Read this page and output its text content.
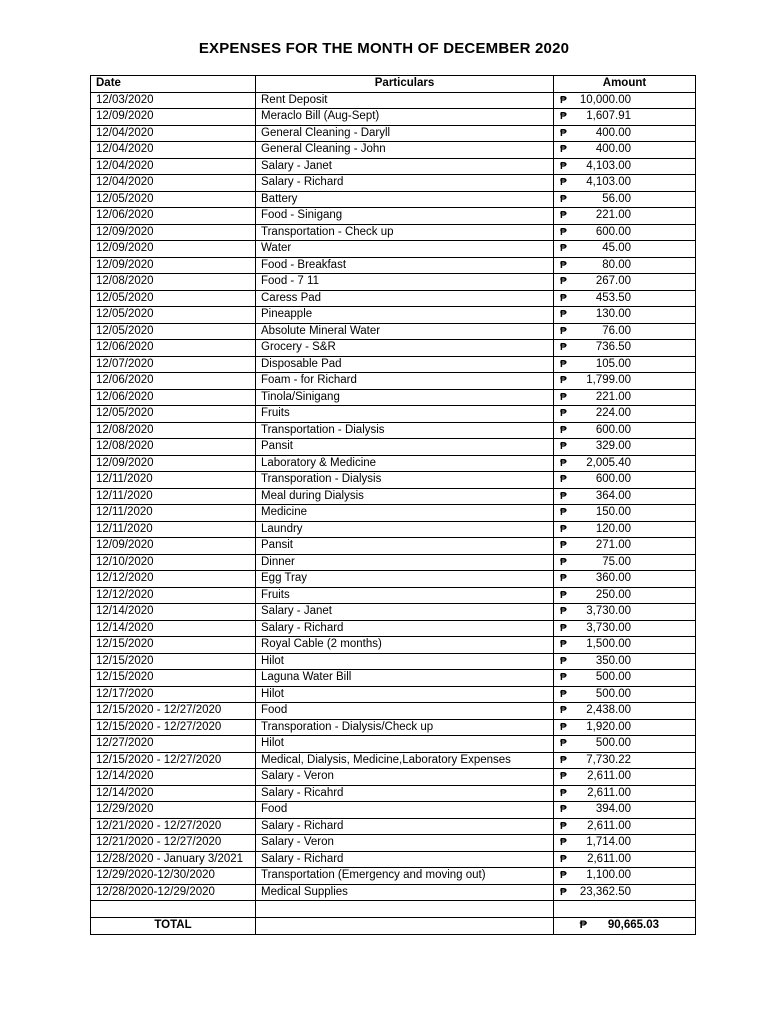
EXPENSES FOR THE MONTH OF DECEMBER 2020
Date	Particulars	Amount
12/03/2020	Rent Deposit	₱ 10,000.00

12/09/2020	Meraclo Bill (Aug-Sept)	₱ 1,607.91

12/04/2020	General Cleaning - Daryll	₱ 400.00

12/04/2020	General Cleaning - John	₱ 400.00

12/04/2020	Salary - Janet	₱ 4,103.00

12/04/2020	Salary - Richard	₱ 4,103.00

12/05/2020	Battery	₱ 56.00

12/06/2020	Food - Sinigang	₱ 221.00

12/09/2020	Transportation - Check up	₱ 600.00

12/09/2020	Water	₱ 45.00

12/09/2020	Food - Breakfast	₱ 80.00

12/08/2020	Food - 7 11	₱ 267.00

12/05/2020	Caress Pad	₱ 453.50

12/05/2020	Pineapple	₱ 130.00

12/05/2020	Absolute Mineral Water	₱ 76.00

12/06/2020	Grocery - S&R	₱ 736.50

12/07/2020	Disposable Pad	₱ 105.00

12/06/2020	Foam - for Richard	₱ 1,799.00

12/06/2020	Tinola/Sinigang	₱ 221.00

12/05/2020	Fruits	₱ 224.00

12/08/2020	Transportation - Dialysis	₱ 600.00

12/08/2020	Pansit	₱ 329.00

12/09/2020	Laboratory & Medicine	₱ 2,005.40

12/11/2020	Transporation - Dialysis	₱ 600.00

12/11/2020	Meal during Dialysis	₱ 364.00

12/11/2020	Medicine	₱ 150.00

12/11/2020	Laundry	₱ 120.00

12/09/2020	Pansit	₱ 271.00

12/10/2020	Dinner	₱ 75.00

12/12/2020	Egg Tray	₱ 360.00

12/12/2020	Fruits	₱ 250.00

12/14/2020	Salary - Janet	₱ 3,730.00

12/14/2020	Salary - Richard	₱ 3,730.00

12/15/2020	Royal Cable (2 months)	₱ 1,500.00

12/15/2020	Hilot	₱ 350.00

12/15/2020	Laguna Water Bill	₱ 500.00

12/17/2020	Hilot	₱ 500.00

12/15/2020 - 12/27/2020	Food	₱ 2,438.00

12/15/2020 - 12/27/2020	Transporation - Dialysis/Check up	₱ 1,920.00

12/27/2020	Hilot	₱ 500.00

12/15/2020 - 12/27/2020	Medical, Dialysis, Medicine,Laboratory Expenses	₱ 7,730.22

12/14/2020	Salary - Veron	₱ 2,611.00

12/14/2020	Salary - Ricahrd	₱ 2,611.00

12/29/2020	Food	₱ 394.00

12/21/2020 - 12/27/2020	Salary - Richard	₱ 2,611.00

12/21/2020 - 12/27/2020	Salary - Veron	₱ 1,714.00

12/28/2020 - January 3/2021	Salary - Richard	₱ 2,611.00

12/29/2020-12/30/2020	Transportation (Emergency and moving out)	₱ 1,100.00

12/28/2020-12/29/2020	Medical Supplies	₱ 23,362.50

TOTAL		₱ 90,665.03
